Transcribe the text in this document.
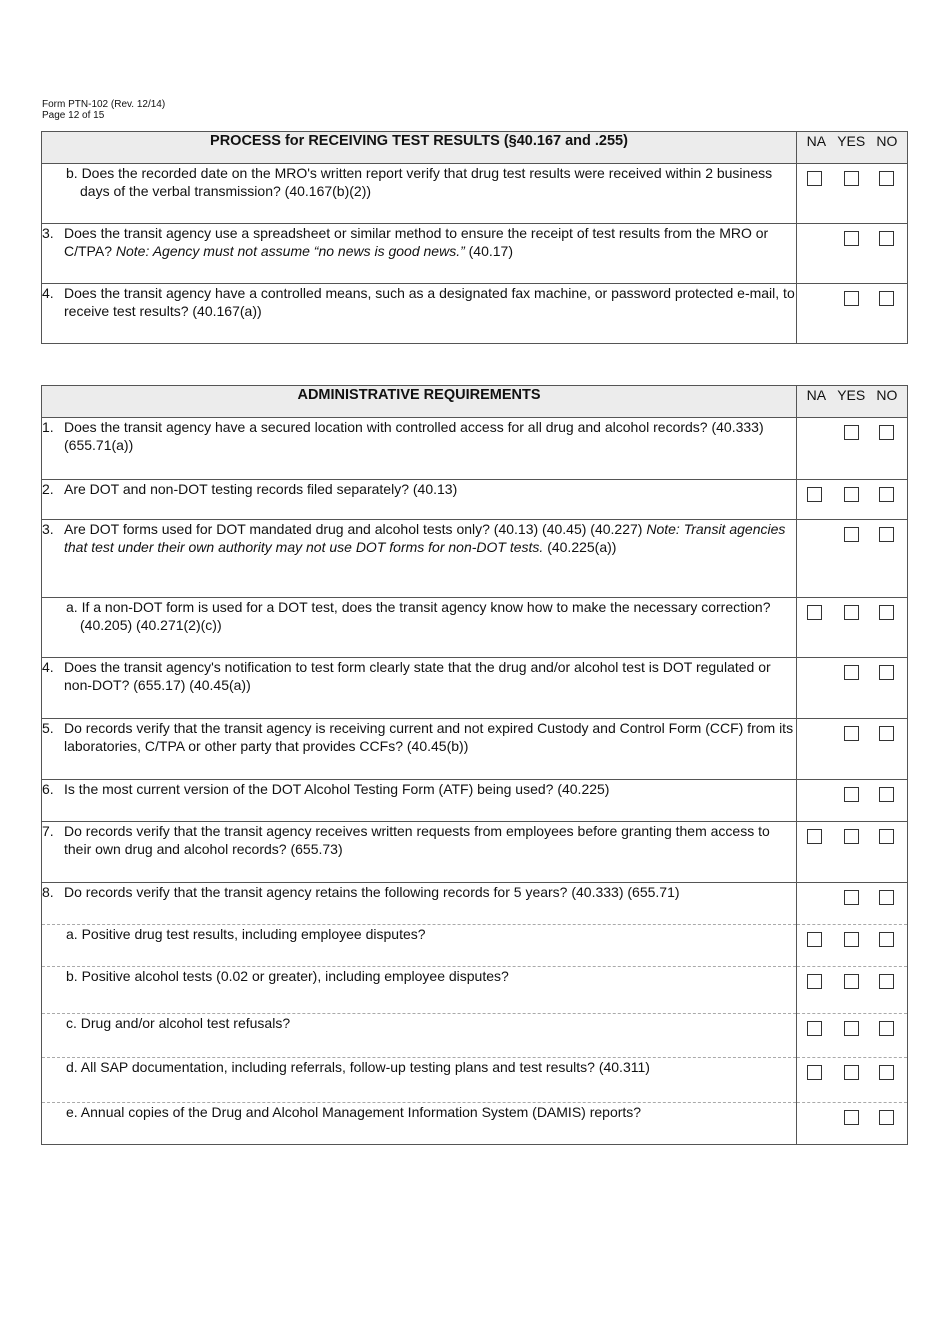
Form PTN-102 (Rev. 12/14)
Page 12 of 15
PROCESS for RECEIVING TEST RESULTS (§40.167 and .255)	NA YES NO

b. Does the recorded date on the MRO's written report verify that drug test results were received within 2 business days of the verbal transmission? (40.167(b)(2))	

3. Does the transit agency use a spreadsheet or similar method to ensure the receipt of test results from the MRO or C/TPA? Note: Agency must not assume “no news is good news.” (40.17)	

4. Does the transit agency have a controlled means, such as a designated fax machine, or password protected e-mail, to receive test results? (40.167(a))	

ADMINISTRATIVE REQUIREMENTS	NA YES NO

1. Does the transit agency have a secured location with controlled access for all drug and alcohol records? (40.333) (655.71(a))	

2. Are DOT and non-DOT testing records filed separately? (40.13)	

3. Are DOT forms used for DOT mandated drug and alcohol tests only? (40.13) (40.45) (40.227) Note: Transit agencies that test under their own authority may not use DOT forms for non-DOT tests. (40.225(a))	

a. If a non-DOT form is used for a DOT test, does the transit agency know how to make the necessary correction? (40.205) (40.271(2)(c))	

4. Does the transit agency's notification to test form clearly state that the drug and/or alcohol test is DOT regulated or non-DOT? (655.17) (40.45(a))	

5. Do records verify that the transit agency is receiving current and not expired Custody and Control Form (CCF) from its laboratories, C/TPA or other party that provides CCFs? (40.45(b))	

6. Is the most current version of the DOT Alcohol Testing Form (ATF) being used? (40.225)	

7. Do records verify that the transit agency receives written requests from employees before granting them access to their own drug and alcohol records? (655.73)	

8. Do records verify that the transit agency retains the following records for 5 years? (40.333) (655.71)	

a. Positive drug test results, including employee disputes?	

b. Positive alcohol tests (0.02 or greater), including employee disputes?	

c. Drug and/or alcohol test refusals?	

d. All SAP documentation, including referrals, follow-up testing plans and test results? (40.311)	

e. Annual copies of the Drug and Alcohol Management Information System (DAMIS) reports?	
